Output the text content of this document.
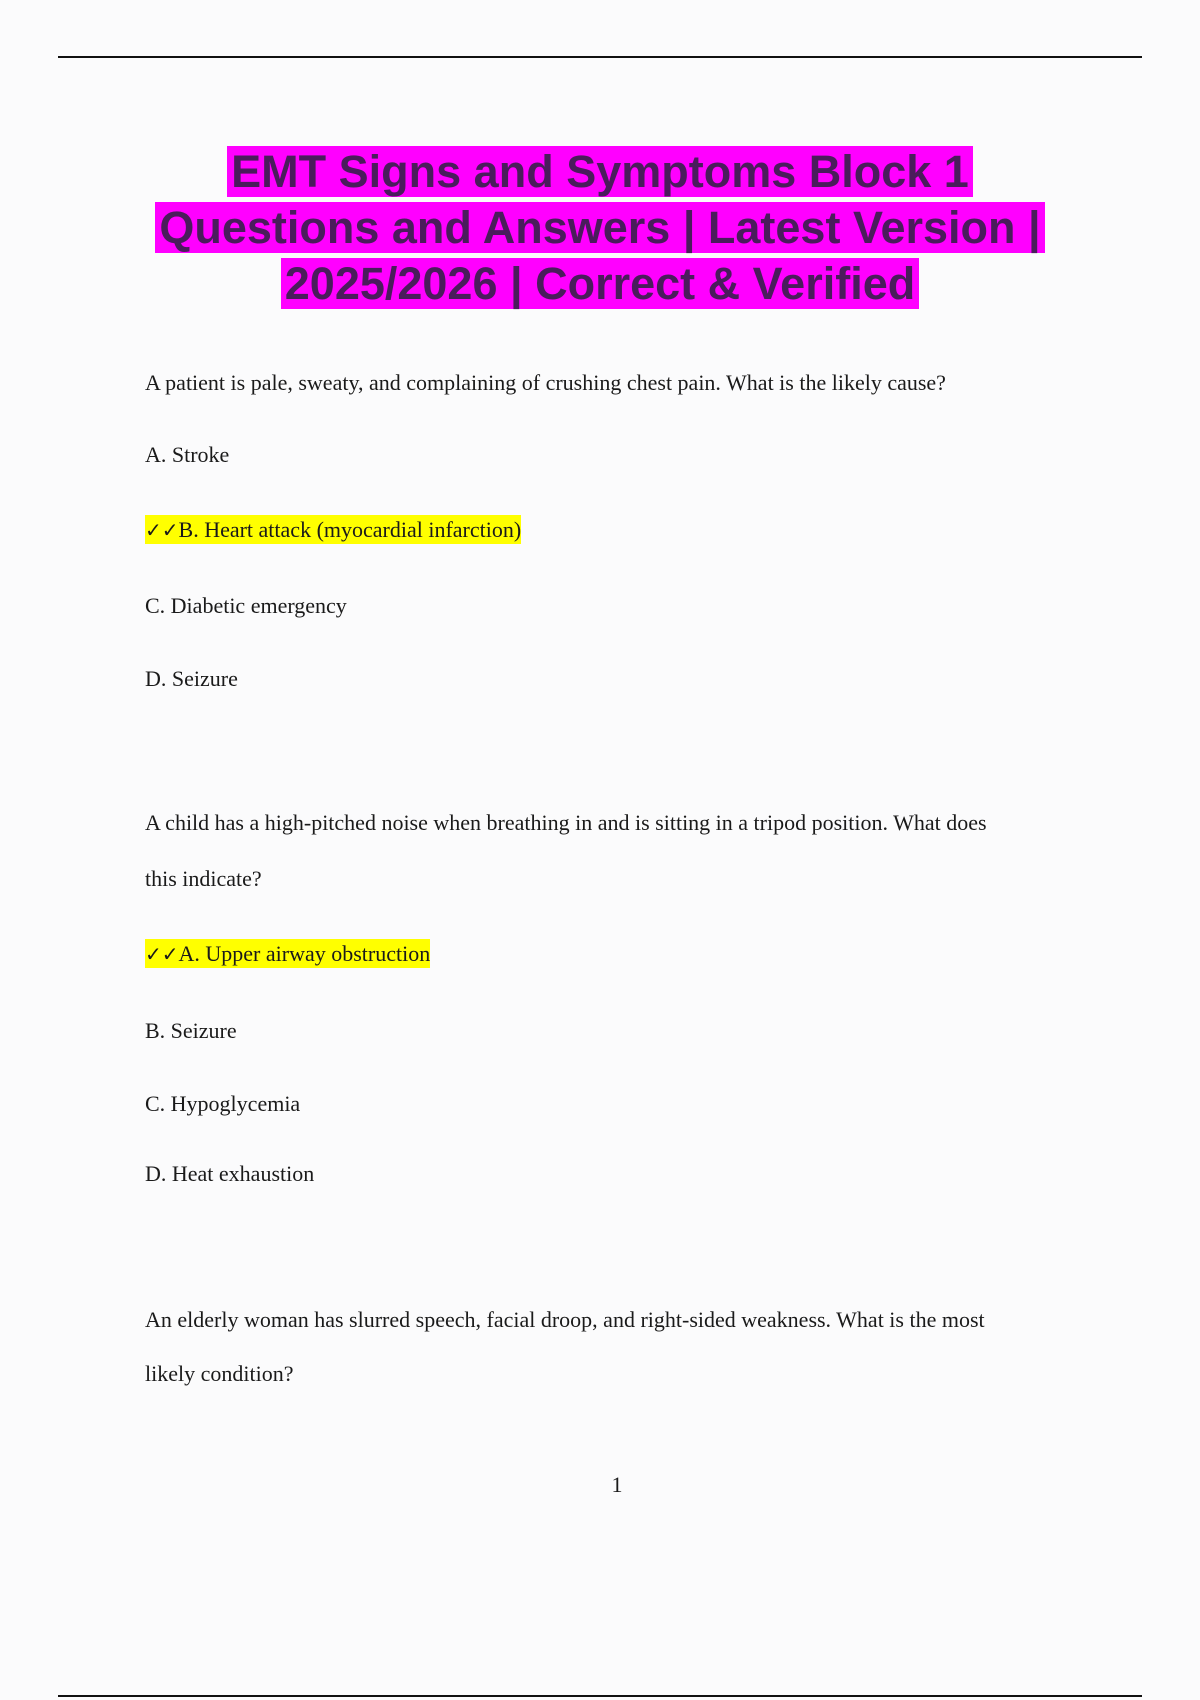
EMT Signs and Symptoms Block 1 Questions and Answers | Latest Version | 2025/2026 | Correct & Verified

A patient is pale, sweaty, and complaining of crushing chest pain. What is the likely cause?

A. Stroke

✓✓B. Heart attack (myocardial infarction)

C. Diabetic emergency

D. Seizure

A child has a high-pitched noise when breathing in and is sitting in a tripod position. What does

this indicate?

✓✓A. Upper airway obstruction

B. Seizure

C. Hypoglycemia

D. Heat exhaustion

An elderly woman has slurred speech, facial droop, and right-sided weakness. What is the most

likely condition?

1
